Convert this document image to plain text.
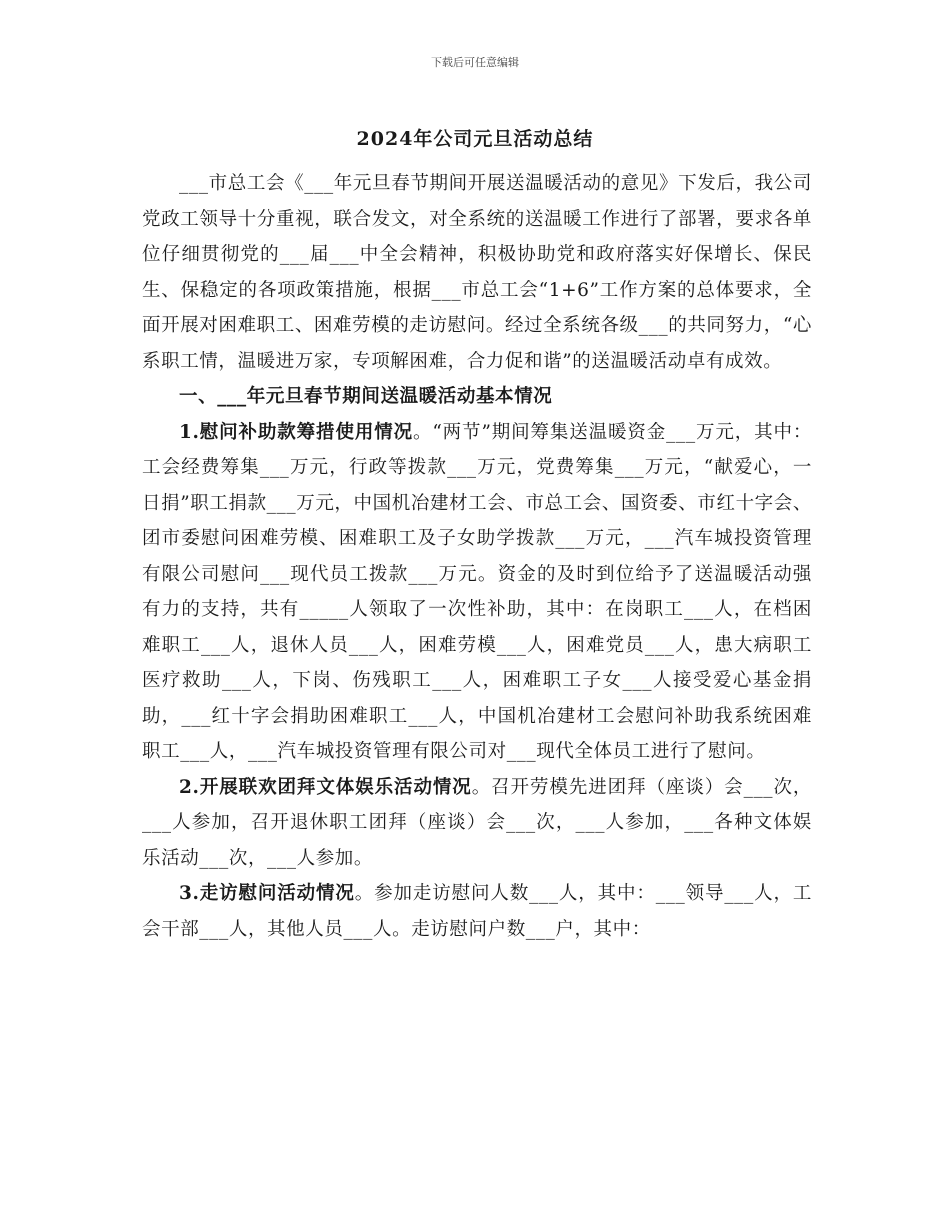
下载后可任意编辑
2024年公司元旦活动总结

___市总工会《___年元旦春节期间开展送温暖活动的意见》下发后，我公司党政工领导十分重视，联合发文，对全系统的送温暖工作进行了部署，要求各单位仔细贯彻党的___届___中全会精神，积极协助党和政府落实好保增长、保民生、保稳定的各项政策措施，根据___市总工会“1+6”工作方案的总体要求，全面开展对困难职工、困难劳模的走访慰问。经过全系统各级___的共同努力，“心系职工情，温暖进万家，专项解困难，合力促和谐”的送温暖活动卓有成效。

一、___年元旦春节期间送温暖活动基本情况

1.慰问补助款筹措使用情况。“两节”期间筹集送温暖资金___万元，其中：工会经费筹集___万元，行政等拨款___万元，党费筹集___万元，“献爱心，一日捐”职工捐款___万元，中国机冶建材工会、市总工会、国资委、市红十字会、团市委慰问困难劳模、困难职工及子女助学拨款___万元，___汽车城投资管理有限公司慰问___现代员工拨款___万元。资金的及时到位给予了送温暖活动强有力的支持，共有_____人领取了一次性补助，其中：在岗职工___人，在档困难职工___人，退休人员___人，困难劳模___人，困难党员___人，患大病职工医疗救助___人，下岗、伤残职工___人，困难职工子女___人接受爱心基金捐助，___红十字会捐助困难职工___人，中国机冶建材工会慰问补助我系统困难职工___人，___汽车城投资管理有限公司对___现代全体员工进行了慰问。

2.开展联欢团拜文体娱乐活动情况。召开劳模先进团拜（座谈）会___次，___人参加，召开退休职工团拜（座谈）会___次，___人参加，___各种文体娱乐活动___次，___人参加。

3.走访慰问活动情况。参加走访慰问人数___人，其中：___领导___人，工会干部___人，其他人员___人。走访慰问户数___户，其中：
